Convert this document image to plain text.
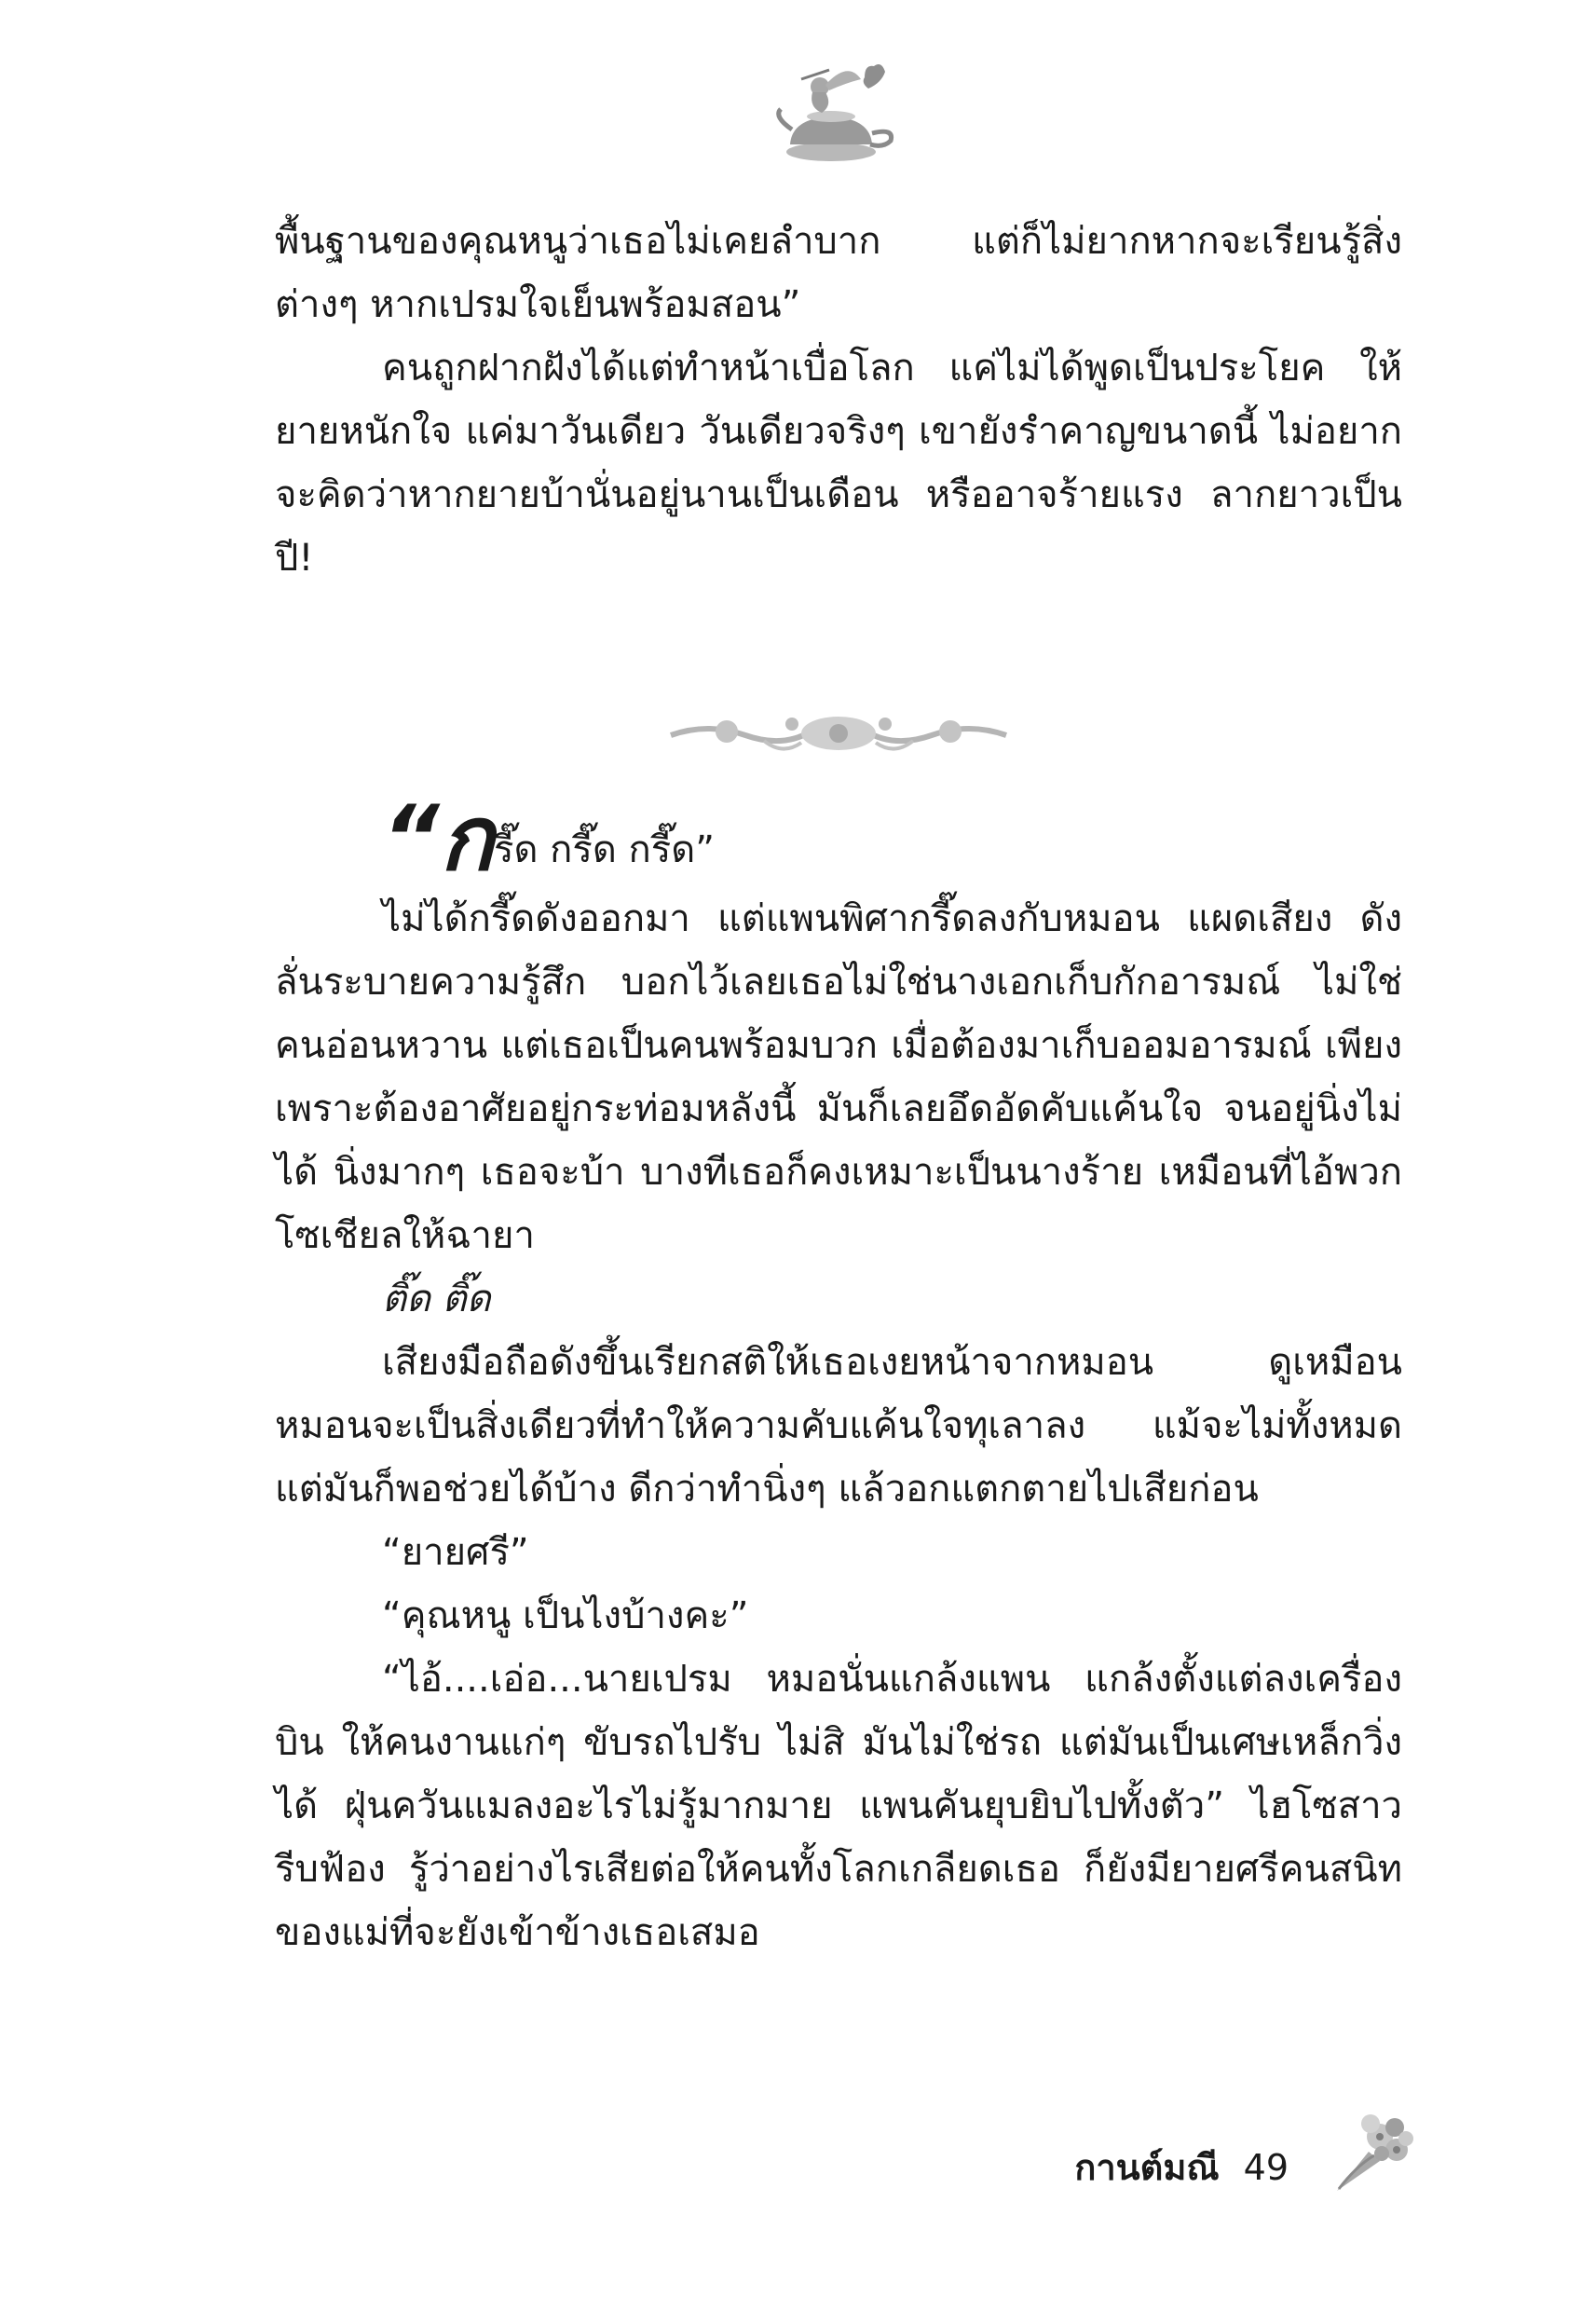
พื้นฐานของคุณหนูว่าเธอไม่เคยลำบาก แต่ก็ไม่ยากหากจะเรียนรู้สิ่งต่างๆ หากเปรมใจเย็นพร้อมสอน”

คนถูกฝากฝังได้แต่ทำหน้าเบื่อโลก แค่ไม่ได้พูดเป็นประโยค ให้ยายหนักใจ แค่มาวันเดียว วันเดียวจริงๆ เขายังรำคาญขนาดนี้ ไม่อยากจะคิดว่าหากยายบ้านั่นอยู่นานเป็นเดือน หรืออาจร้ายแรง ลากยาวเป็นปี!

“กรี๊ด กรี๊ด กรี๊ด”

ไม่ได้กรี๊ดดังออกมา แต่แพนพิศากรี๊ดลงกับหมอน แผดเสียง ดังลั่นระบายความรู้สึก บอกไว้เลยเธอไม่ใช่นางเอกเก็บกักอารมณ์ ไม่ใช่คนอ่อนหวาน แต่เธอเป็นคนพร้อมบวก เมื่อต้องมาเก็บออมอารมณ์ เพียงเพราะต้องอาศัยอยู่กระท่อมหลังนี้ มันก็เลยอึดอัดคับแค้นใจ จนอยู่นิ่งไม่ได้ นิ่งมากๆ เธอจะบ้า บางทีเธอก็คงเหมาะเป็นนางร้าย เหมือนที่ไอ้พวกโซเชียลให้ฉายา

ติ๊ด ติ๊ด

เสียงมือถือดังขึ้นเรียกสติให้เธอเงยหน้าจากหมอน ดูเหมือน หมอนจะเป็นสิ่งเดียวที่ทำให้ความคับแค้นใจทุเลาลง แม้จะไม่ทั้งหมด แต่มันก็พอช่วยได้บ้าง ดีกว่าทำนิ่งๆ แล้วอกแตกตายไปเสียก่อน

“ยายศรี”

“คุณหนู เป็นไงบ้างคะ”

“ไอ้....เอ่อ...นายเปรม หมอนั่นแกล้งแพน แกล้งตั้งแต่ลงเครื่องบิน ให้คนงานแก่ๆ ขับรถไปรับ ไม่สิ มันไม่ใช่รถ แต่มันเป็นเศษเหล็กวิ่งได้ ฝุ่นควันแมลงอะไรไม่รู้มากมาย แพนคันยุบยิบไปทั้งตัว” ไฮโซสาว รีบฟ้อง รู้ว่าอย่างไรเสียต่อให้คนทั้งโลกเกลียดเธอ ก็ยังมียายศรีคนสนิท ของแม่ที่จะยังเข้าข้างเธอเสมอ

กานต์มณี 49
